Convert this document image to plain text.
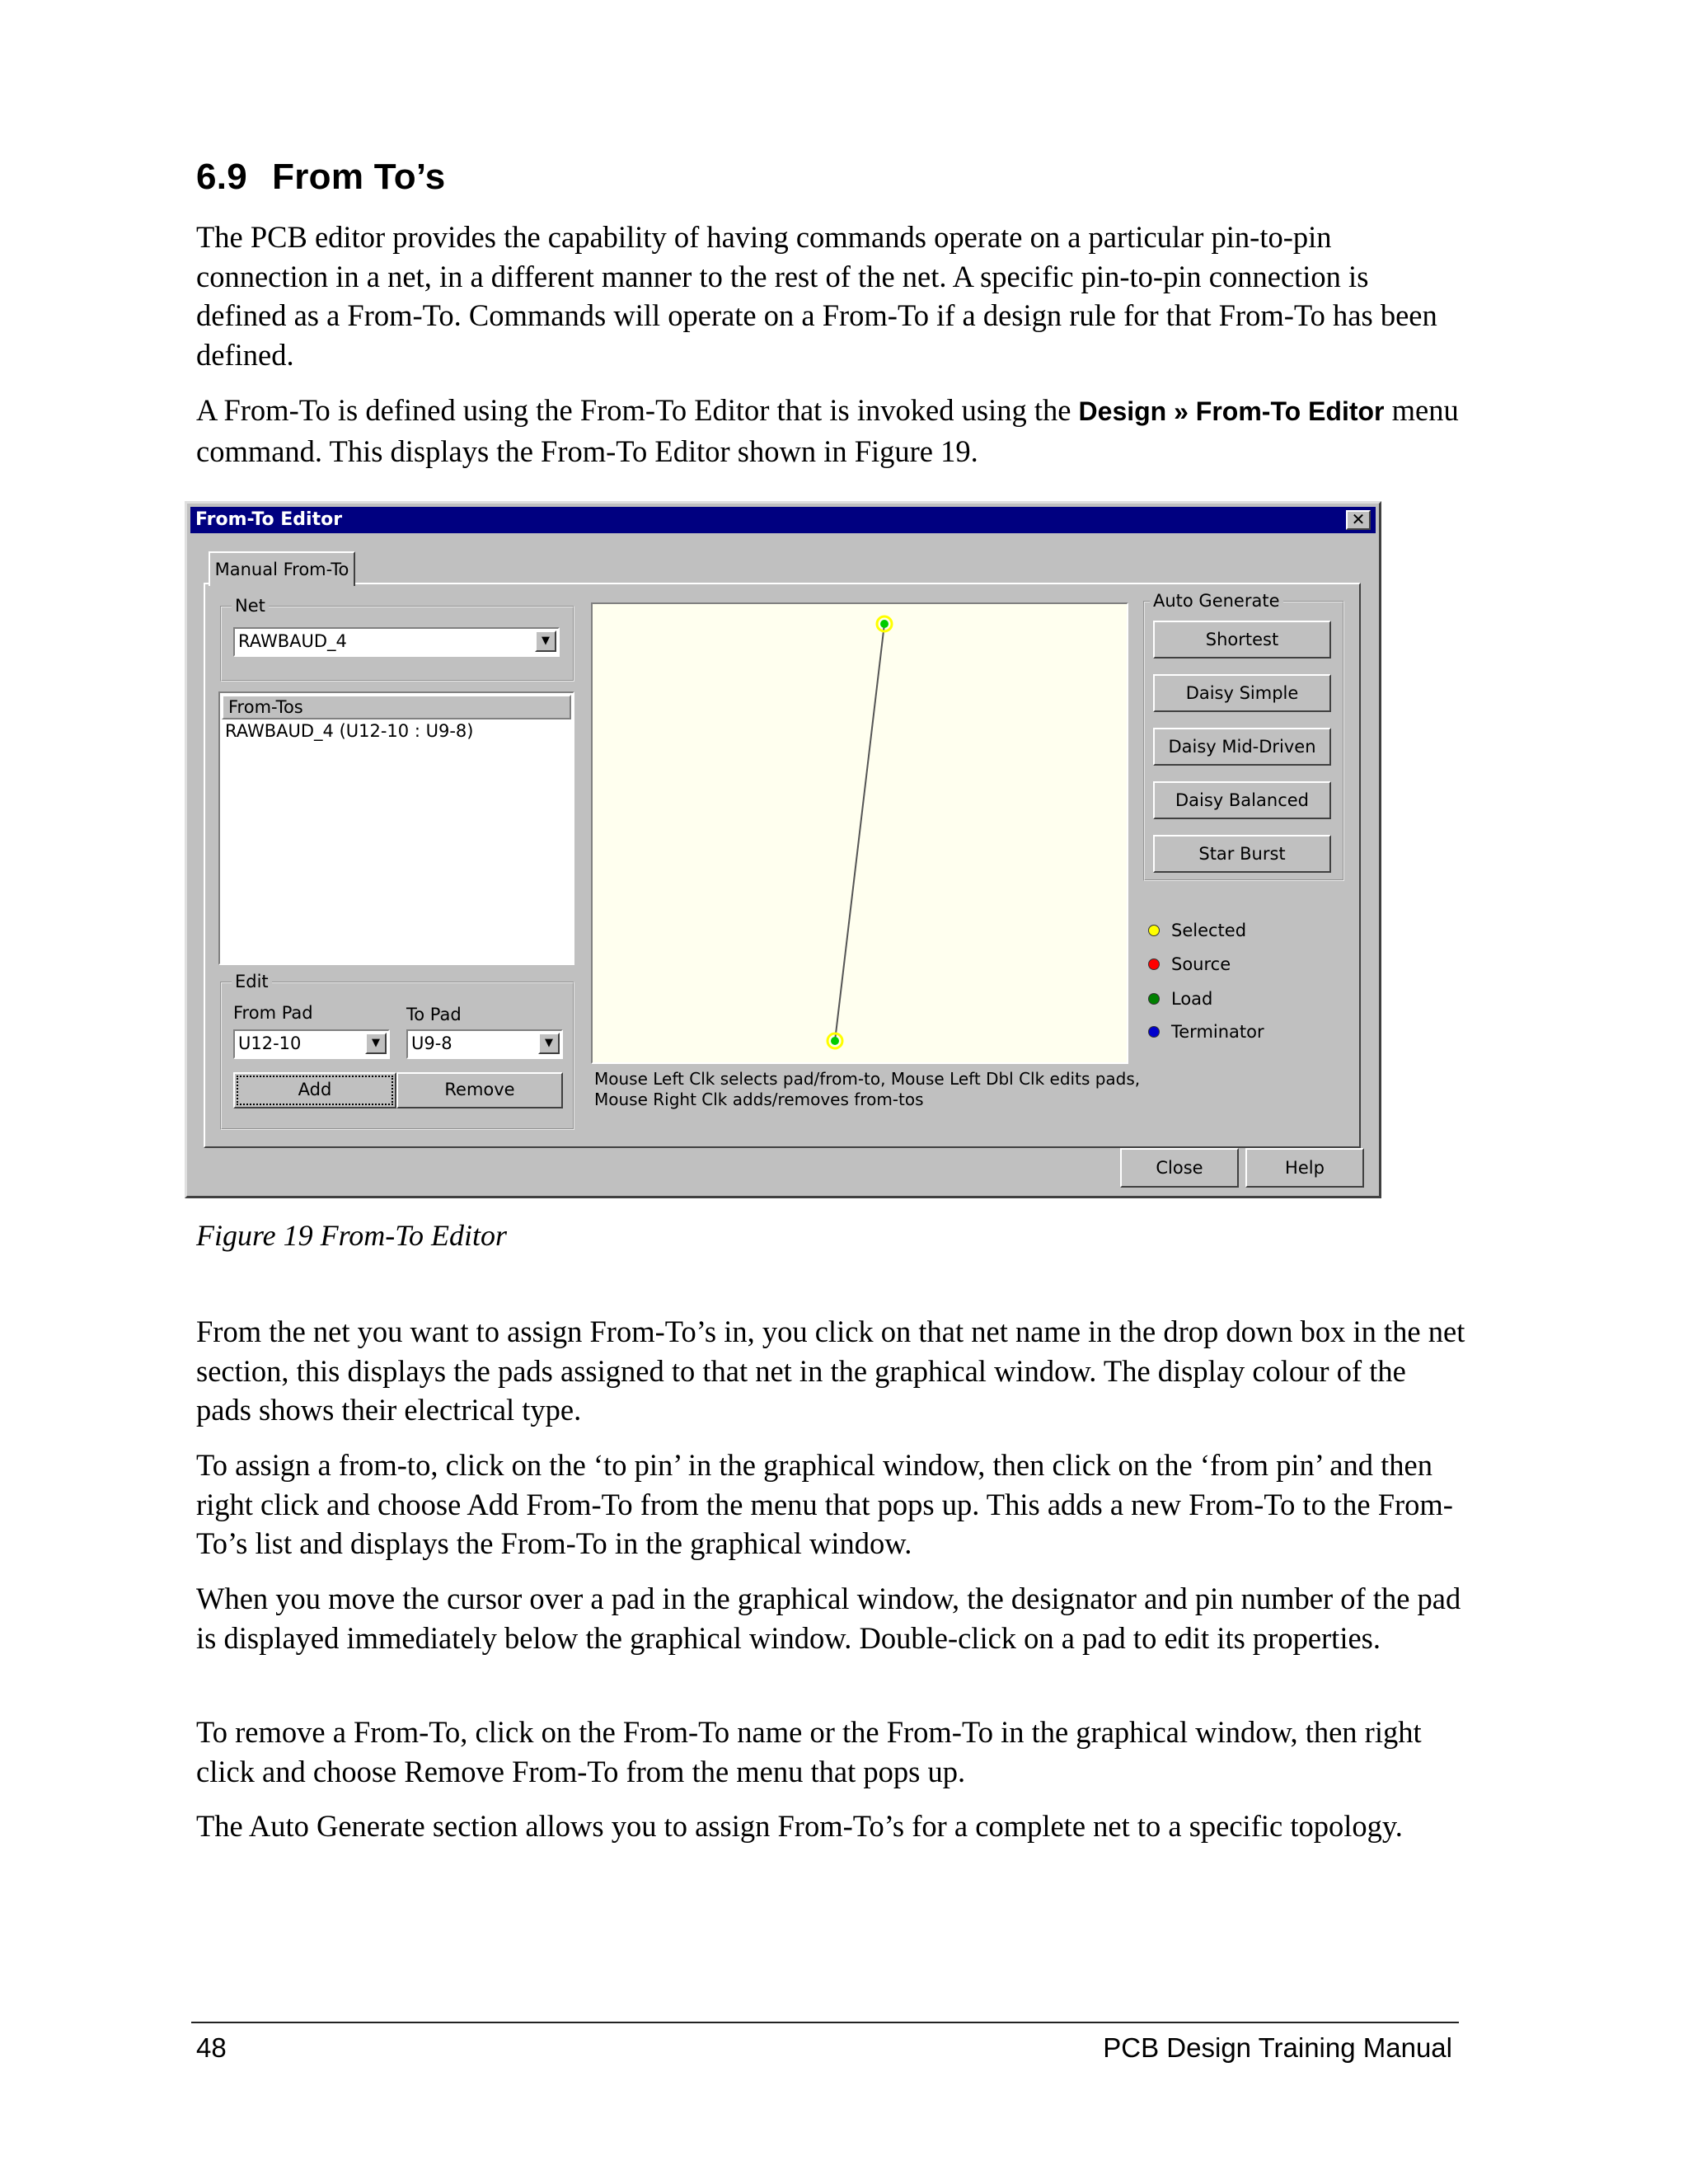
6.9 From To’s

The PCB editor provides the capability of having commands operate on a particular pin-to-pin connection in a net, in a different manner to the rest of the net. A specific pin-to-pin connection is defined as a From-To. Commands will operate on a From-To if a design rule for that From-To has been defined.

A From-To is defined using the From-To Editor that is invoked using the Design » From-To Editor menu command. This displays the From-To Editor shown in Figure 19.

From-To Editor	✕
Manual From-To
Net
RAWBAUD_4	▼
From-Tos
RAWBAUD_4 (U12-10 : U9-8)
Edit
From Pad	To Pad
U12-10	▼	U9-8	▼
Add	Remove
Mouse Left Clk selects pad/from-to, Mouse Left Dbl Clk edits pads,
Mouse Right Clk adds/removes from-tos
Auto Generate
Shortest
Daisy Simple
Daisy Mid-Driven
Daisy Balanced
Star Burst
Selected
Source
Load
Terminator
Close	Help

Figure 19 From-To Editor

From the net you want to assign From-To’s in, you click on that net name in the drop down box in the net section, this displays the pads assigned to that net in the graphical window. The display colour of the pads shows their electrical type.

To assign a from-to, click on the ‘to pin’ in the graphical window, then click on the ‘from pin’ and then right click and choose Add From-To from the menu that pops up. This adds a new From-To to the From-To’s list and displays the From-To in the graphical window.

When you move the cursor over a pad in the graphical window, the designator and pin number of the pad is displayed immediately below the graphical window. Double-click on a pad to edit its properties.

To remove a From-To, click on the From-To name or the From-To in the graphical window, then right click and choose Remove From-To from the menu that pops up.

The Auto Generate section allows you to assign From-To’s for a complete net to a specific topology.

48	PCB Design Training Manual
